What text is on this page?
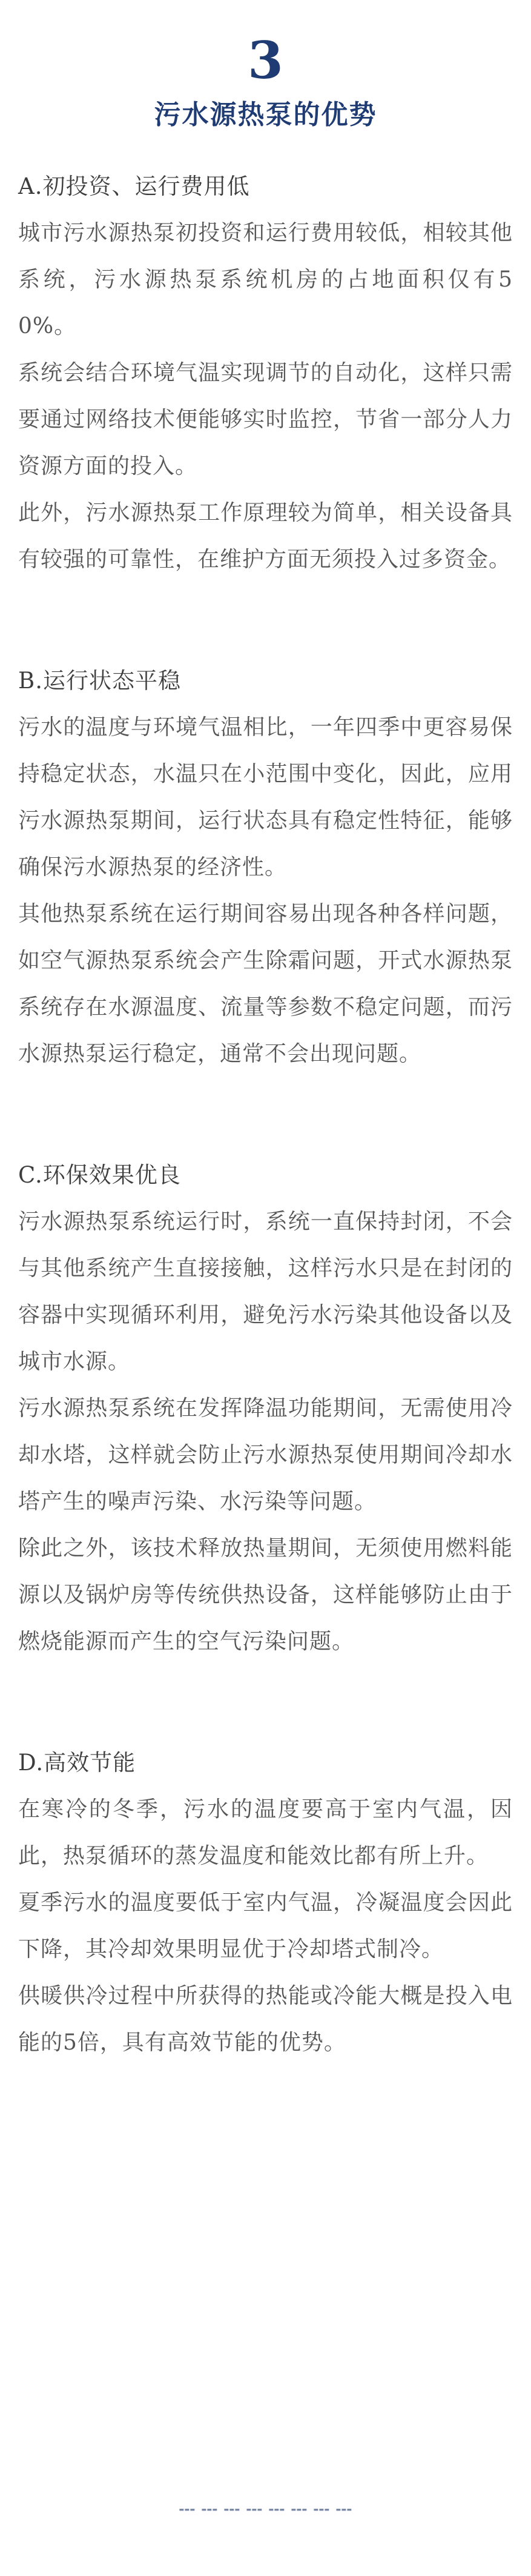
3
污水源热泵的优势
A.初投资、运行费用低

城市污水源热泵初投资和运行费用较低，相较其他系统，污水源热泵系统机房的占地面积仅有50%。

系统会结合环境气温实现调节的自动化，这样只需要通过网络技术便能够实时监控，节省一部分人力资源方面的投入。

此外，污水源热泵工作原理较为简单，相关设备具有较强的可靠性，在维护方面无须投入过多资金。

B.运行状态平稳

污水的温度与环境气温相比，一年四季中更容易保持稳定状态，水温只在小范围中变化，因此，应用污水源热泵期间，运行状态具有稳定性特征，能够确保污水源热泵的经济性。

其他热泵系统在运行期间容易出现各种各样问题，如空气源热泵系统会产生除霜问题，开式水源热泵系统存在水源温度、流量等参数不稳定问题，而污水源热泵运行稳定，通常不会出现问题。

C.环保效果优良

污水源热泵系统运行时，系统一直保持封闭，不会与其他系统产生直接接触，这样污水只是在封闭的容器中实现循环利用，避免污水污染其他设备以及城市水源。

污水源热泵系统在发挥降温功能期间，无需使用冷却水塔，这样就会防止污水源热泵使用期间冷却水塔产生的噪声污染、水污染等问题。

除此之外，该技术释放热量期间，无须使用燃料能源以及锅炉房等传统供热设备，这样能够防止由于燃烧能源而产生的空气污染问题。

D.高效节能

在寒冷的冬季，污水的温度要高于室内气温，因此，热泵循环的蒸发温度和能效比都有所上升。

夏季污水的温度要低于室内气温，冷凝温度会因此下降，其冷却效果明显优于冷却塔式制冷。

供暖供冷过程中所获得的热能或冷能大概是投入电能的5倍，具有高效节能的优势。

▬▬▬ ▬▬▬ ▬▬▬ ▬▬▬ ▬▬▬ ▬▬▬ ▬▬▬ ▬▬▬
